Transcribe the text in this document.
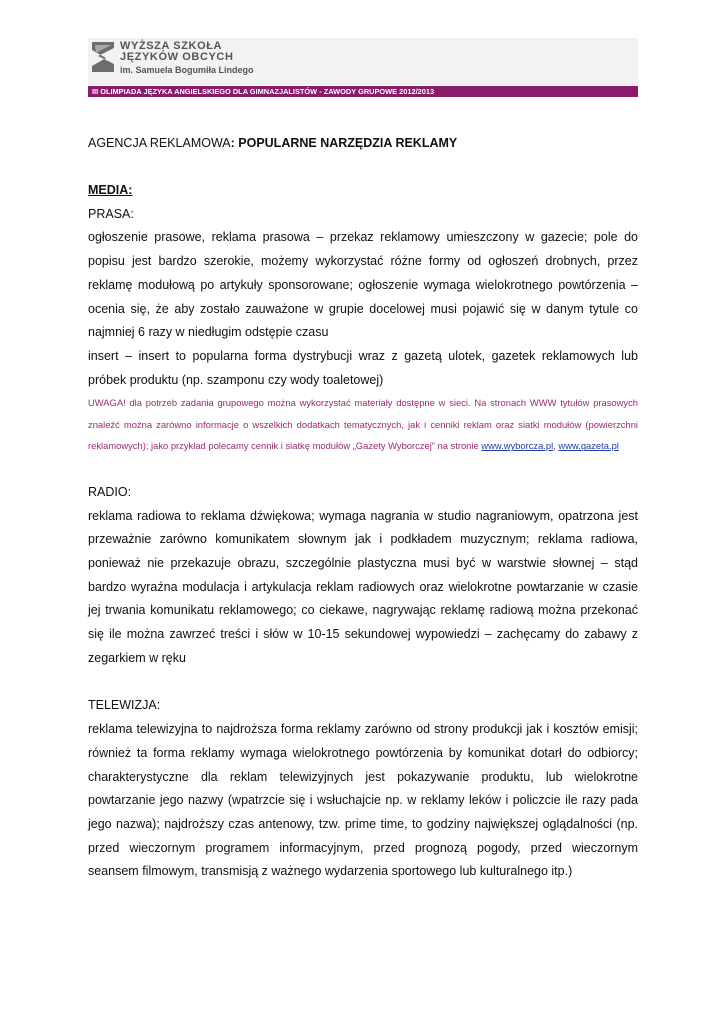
WYŻSZA SZKOŁA
JĘZYKÓW OBCYCH
im. Samuela Bogumiła Lindego
III OLIMPIADA JĘZYKA ANGIELSKIEGO DLA GIMNAZJALISTÓW - ZAWODY GRUPOWE 2012/2013

AGENCJA REKLAMOWA: POPULARNE NARZĘDZIA REKLAMY

MEDIA:

PRASA:

ogłoszenie prasowe, reklama prasowa – przekaz reklamowy umieszczony w gazecie; pole do popisu jest bardzo szerokie, możemy wykorzystać różne formy od ogłoszeń drobnych, przez reklamę modułową po artykuły sponsorowane; ogłoszenie wymaga wielokrotnego powtórzenia – ocenia się, że aby zostało zauważone w grupie docelowej musi pojawić się w danym tytule co najmniej 6 razy w niedługim odstępie czasu

insert – insert to popularna forma dystrybucji wraz z gazetą ulotek, gazetek reklamowych lub próbek produktu (np. szamponu czy wody toaletowej)

UWAGA! dla potrzeb zadania grupowego można wykorzystać materiały dostępne w sieci. Na stronach WWW tytułów prasowych znaleźć można zarówno informacje o wszelkich dodatkach tematycznych, jak i cenniki reklam oraz siatki modułów (powierzchni reklamowych); jako przykład polecamy cennik i siatkę modułów „Gazety Wyborczej” na stronie www.wyborcza.pl, www.gazeta.pl

RADIO:

reklama radiowa to reklama dźwiękowa; wymaga nagrania w studio nagraniowym, opatrzona jest przeważnie zarówno komunikatem słownym jak i podkładem muzycznym; reklama radiowa, ponieważ nie przekazuje obrazu, szczególnie plastyczna musi być w warstwie słownej – stąd bardzo wyraźna modulacja i artykulacja reklam radiowych oraz wielokrotne powtarzanie w czasie jej trwania komunikatu reklamowego; co ciekawe, nagrywając reklamę radiową można przekonać się ile można zawrzeć treści i słów w 10-15 sekundowej wypowiedzi – zachęcamy do zabawy z zegarkiem w ręku

TELEWIZJA:

reklama telewizyjna to najdroższa forma reklamy zarówno od strony produkcji jak i kosztów emisji; również ta forma reklamy wymaga wielokrotnego powtórzenia by komunikat dotarł do odbiorcy; charakterystyczne dla reklam telewizyjnych jest pokazywanie produktu, lub wielokrotne powtarzanie jego nazwy (wpatrzcie się i wsłuchajcie np. w reklamy leków i policzcie ile razy pada jego nazwa); najdroższy czas antenowy, tzw. prime time, to godziny największej oglądalności (np. przed wieczornym programem informacyjnym, przed prognozą pogody, przed wieczornym seansem filmowym, transmisją z ważnego wydarzenia sportowego lub kulturalnego itp.)
